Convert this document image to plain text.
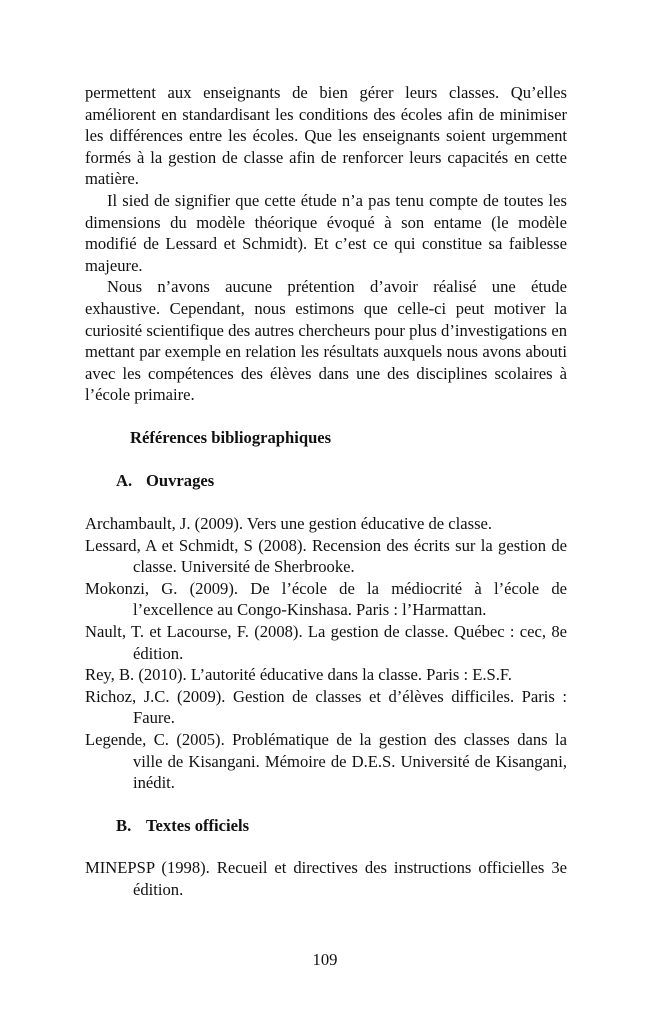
permettent aux enseignants de bien gérer leurs classes. Qu’elles améliorent en standardisant les conditions des écoles afin de minimiser les différences entre les écoles. Que les enseignants soient urgemment formés à la gestion de classe afin de renforcer leurs capacités en cette matière.

Il sied de signifier que cette étude n’a pas tenu compte de toutes les dimensions du modèle théorique évoqué à son entame (le modèle modifié de Lessard et Schmidt). Et c’est ce qui constitue sa faiblesse majeure.

Nous n’avons aucune prétention d’avoir réalisé une étude exhaustive. Cependant, nous estimons que celle-ci peut motiver la curiosité scientifique des autres chercheurs pour plus d’investigations en mettant par exemple en relation les résultats auxquels nous avons abouti avec les compétences des élèves dans une des disciplines scolaires à l’école primaire.

Références bibliographiques

A. Ouvrages

Archambault, J. (2009). Vers une gestion éducative de classe.

Lessard, A et Schmidt, S (2008). Recension des écrits sur la gestion de classe. Université de Sherbrooke.

Mokonzi, G. (2009). De l’école de la médiocrité à l’école de l’excellence au Congo-Kinshasa. Paris : l’Harmattan.

Nault, T. et Lacourse, F. (2008). La gestion de classe. Québec : cec, 8e édition.

Rey, B. (2010). L’autorité éducative dans la classe. Paris : E.S.F.

Richoz, J.C. (2009). Gestion de classes et d’élèves difficiles. Paris : Faure.

Legende, C. (2005). Problématique de la gestion des classes dans la ville de Kisangani. Mémoire de D.E.S. Université de Kisangani, inédit.

B. Textes officiels

MINEPSP (1998). Recueil et directives des instructions officielles 3e édition.

109
